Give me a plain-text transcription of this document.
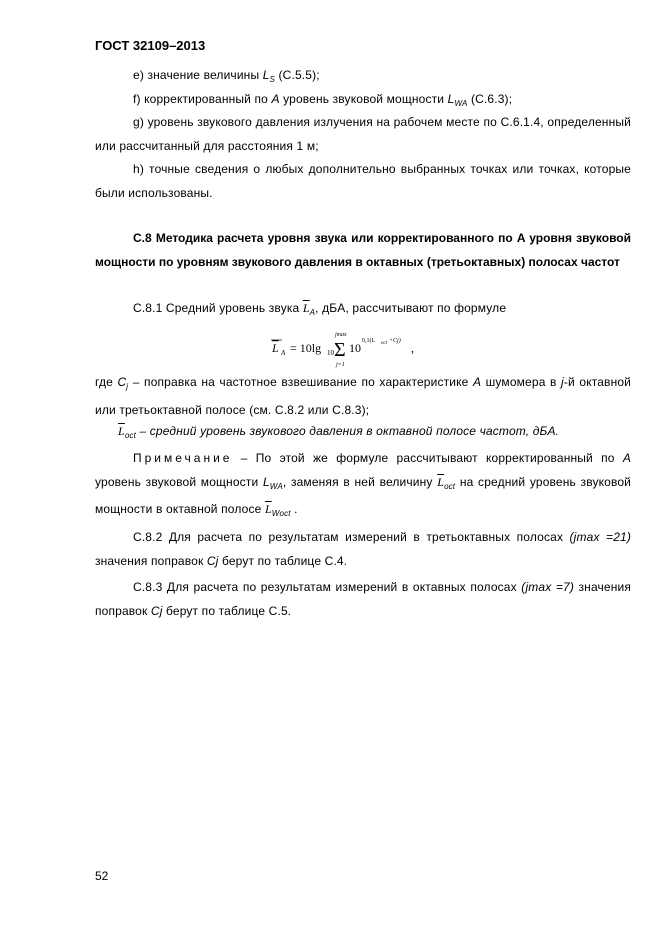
ГОСТ 32109–2013

e) значение величины $L_S$ (C.5.5);

f) корректированный по A уровень звуковой мощности $L_{WA}$ (C.6.3);

g) уровень звукового давления излучения на рабочем месте по C.6.1.4, определенный или рассчитанный для расстояния 1 м;

h) точные сведения о любых дополнительно выбранных точках или точках, которые были использованы.

C.8 Методика расчета уровня звука или корректированного по A уровня звуковой мощности по уровням звукового давления в октавных (третьоктавных) полосах частот

C.8.1 Средний уровень звука $\overline{L}_A$, дБA, рассчитывают по формуле

L A = 10lg 10 Σ
jmax
j=1
10 0,1(L oct +Cj) ,

где $C_j$ – поправка на частотное взвешивание по характеристике A шумомера в j-й октавной или третьоктавной полосе (см. C.8.2 или C.8.3);

$\overline{L}_{oct}$ – средний уровень звукового давления в октавной полосе частот, дБA.

Примечание – По этой же формуле рассчитывают корректированный по A уровень звуковой мощности $L_{WA}$, заменяя в ней величину $\overline{L}_{oct}$ на средний уровень звуковой мощности в октавной полосе $\overline{L}_{Woct}$ .

C.8.2 Для расчета по результатам измерений в третьоктавных полосах (jmax =21) значения поправок Cj берут по таблице C.4.

C.8.3 Для расчета по результатам измерений в октавных полосах (jmax =7) значения поправок Cj берут по таблице C.5.

52
